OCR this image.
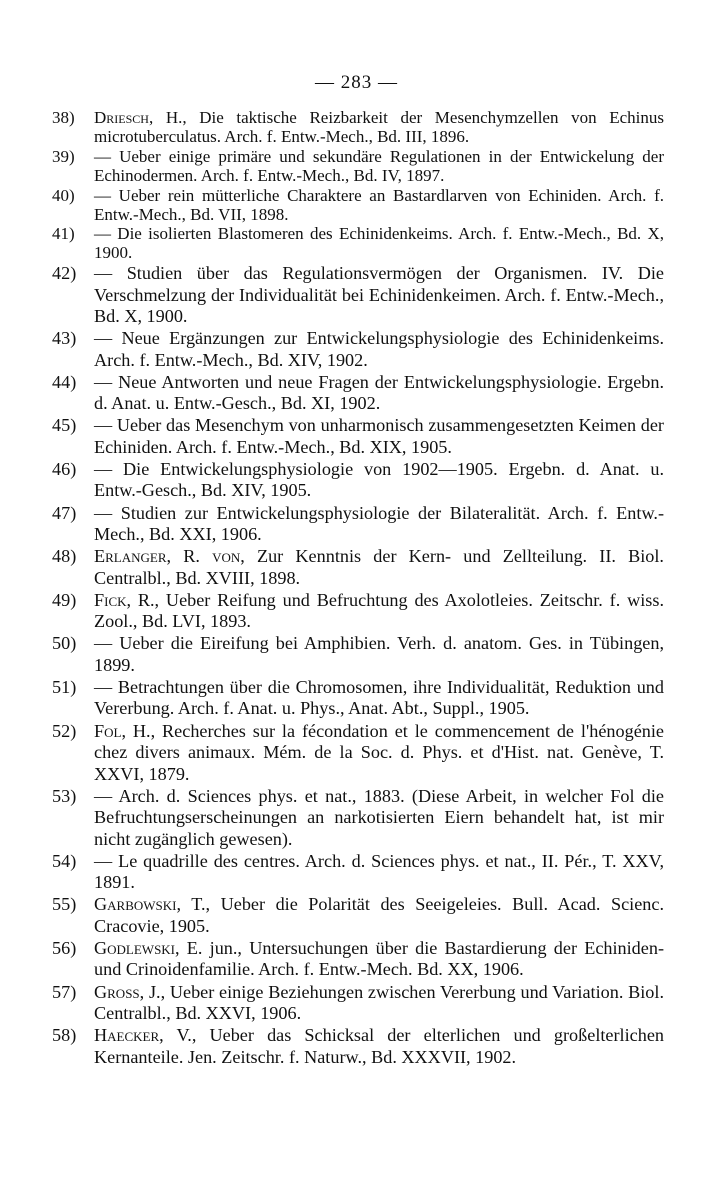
— 283 —
38)	Driesch, H., Die taktische Reizbarkeit der Mesenchymzellen von Echinus microtuberculatus. Arch. f. Entw.-Mech., Bd. III, 1896.
39)	— Ueber einige primäre und sekundäre Regulationen in der Entwickelung der Echinodermen. Arch. f. Entw.-Mech., Bd. IV, 1897.
40)	— Ueber rein mütterliche Charaktere an Bastardlarven von Echiniden. Arch. f. Entw.-Mech., Bd. VII, 1898.
41)	— Die isolierten Blastomeren des Echinidenkeims. Arch. f. Entw.-Mech., Bd. X, 1900.
42) — Studien über das Regulationsvermögen der Organismen. IV. Die Verschmelzung der Individualität bei Echinidenkeimen. Arch. f. Entw.-Mech., Bd. X, 1900.
43) — Neue Ergänzungen zur Entwickelungsphysiologie des Echinidenkeims. Arch. f. Entw.-Mech., Bd. XIV, 1902.
44) — Neue Antworten und neue Fragen der Entwickelungsphysiologie. Ergebn. d. Anat. u. Entw.-Gesch., Bd. XI, 1902.
45) — Ueber das Mesenchym von unharmonisch zusammengesetzten Keimen der Echiniden. Arch. f. Entw.-Mech., Bd. XIX, 1905.
46) — Die Entwickelungsphysiologie von 1902—1905. Ergebn. d. Anat. u. Entw.-Gesch., Bd. XIV, 1905.
47) — Studien zur Entwickelungsphysiologie der Bilateralität. Arch. f. Entw.-Mech., Bd. XXI, 1906.
48) Erlanger, R. von, Zur Kenntnis der Kern- und Zellteilung. II. Biol. Centralbl., Bd. XVIII, 1898.
49) Fick, R., Ueber Reifung und Befruchtung des Axolotleies. Zeitschr. f. wiss. Zool., Bd. LVI, 1893.
50) — Ueber die Eireifung bei Amphibien. Verh. d. anatom. Ges. in Tübingen, 1899.
51) — Betrachtungen über die Chromosomen, ihre Individualität, Reduktion und Vererbung. Arch. f. Anat. u. Phys., Anat. Abt., Suppl., 1905.
52) Fol, H., Recherches sur la fécondation et le commencement de l'hénogénie chez divers animaux. Mém. de la Soc. d. Phys. et d'Hist. nat. Genève, T. XXVI, 1879.
53) — Arch. d. Sciences phys. et nat., 1883. (Diese Arbeit, in welcher Fol die Befruchtungserscheinungen an narkotisierten Eiern behandelt hat, ist mir nicht zugänglich gewesen).
54) — Le quadrille des centres. Arch. d. Sciences phys. et nat., II. Pér., T. XXV, 1891.
55) Garbowski, T., Ueber die Polarität des Seeigeleies. Bull. Acad. Scienc. Cracovie, 1905.
56) Godlewski, E. jun., Untersuchungen über die Bastardierung der Echiniden- und Crinoidenfamilie. Arch. f. Entw.-Mech. Bd. XX, 1906.
57) Gross, J., Ueber einige Beziehungen zwischen Vererbung und Variation. Biol. Centralbl., Bd. XXVI, 1906.
58) Haecker, V., Ueber das Schicksal der elterlichen und großelterlichen Kernanteile. Jen. Zeitschr. f. Naturw., Bd. XXXVII, 1902.
